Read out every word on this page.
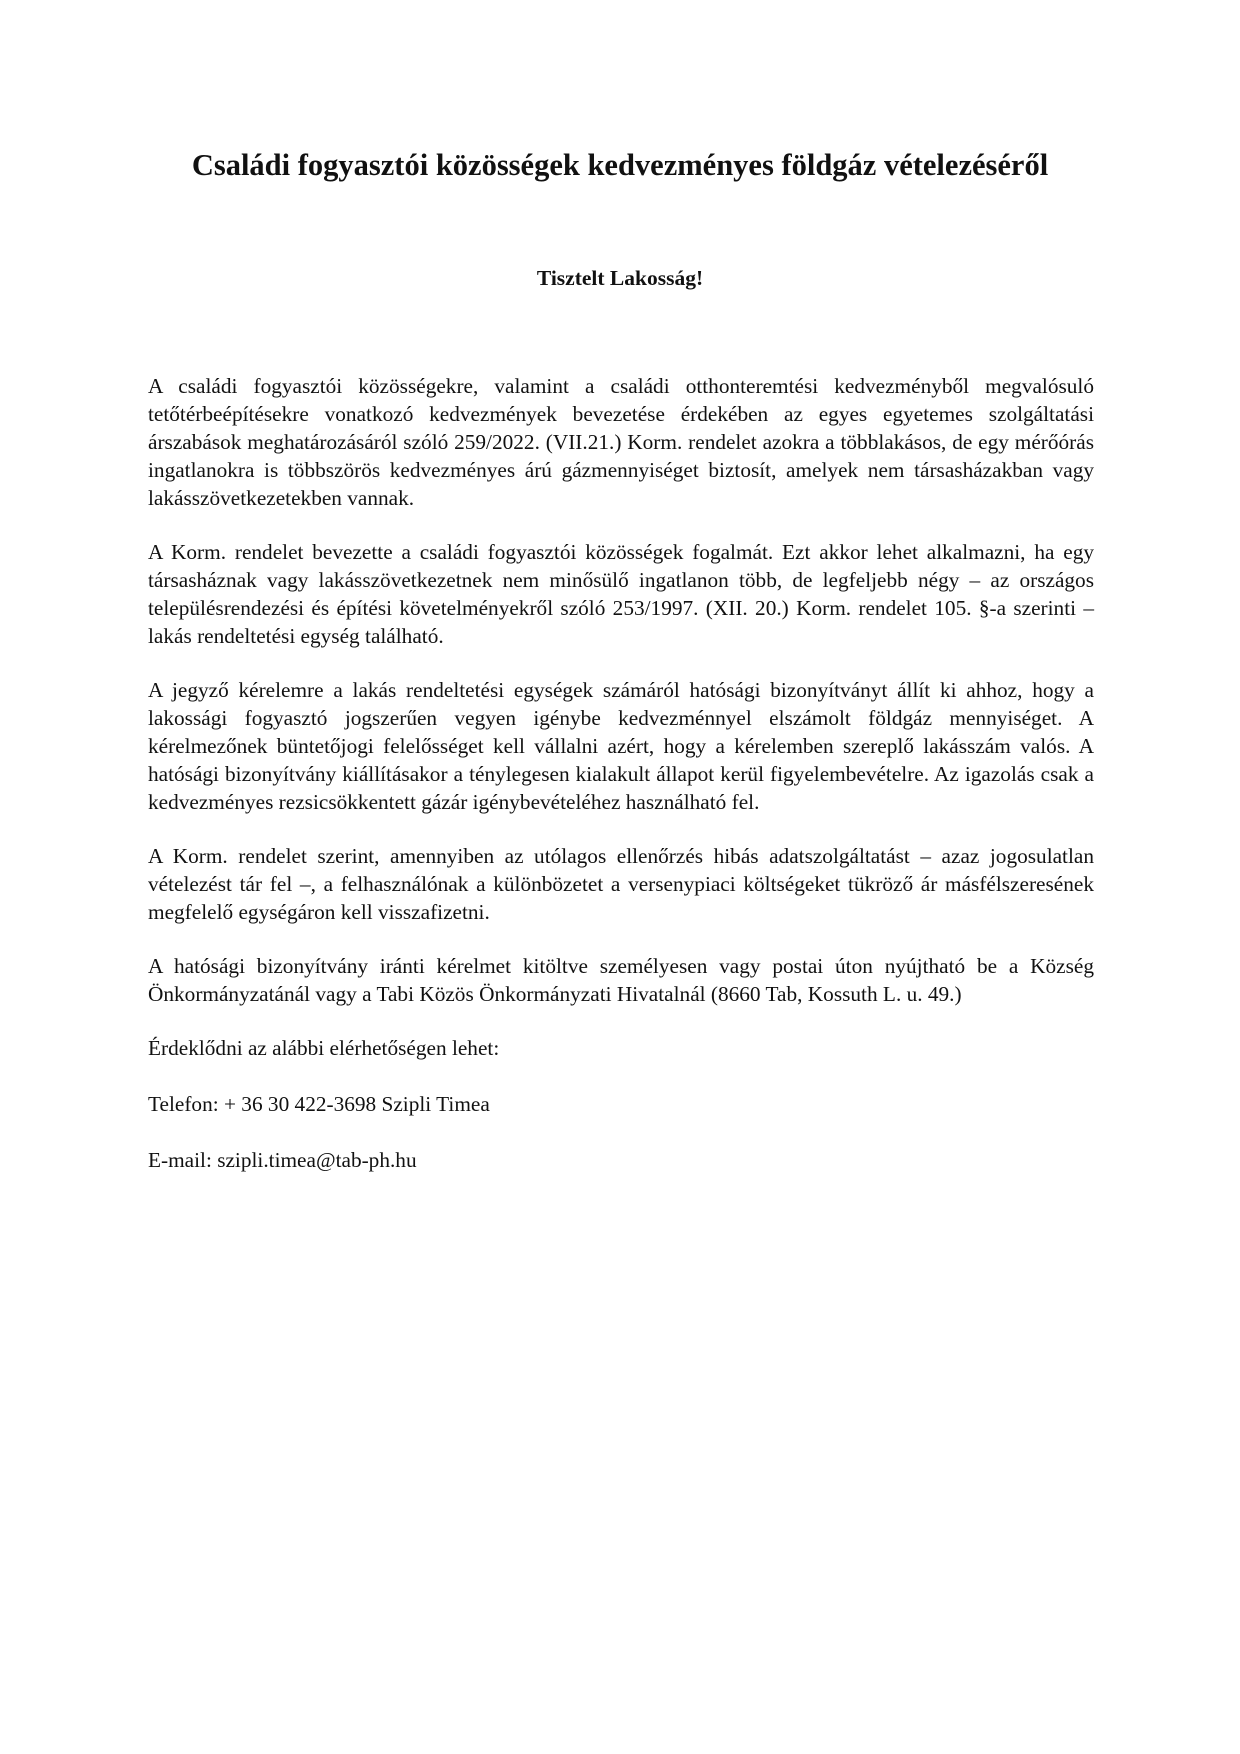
Családi fogyasztói közösségek kedvezményes földgáz vételezéséről
Tisztelt Lakosság!

A családi fogyasztói közösségekre, valamint a családi otthonteremtési kedvezményből megvalósuló tetőtérbeépítésekre vonatkozó kedvezmények bevezetése érdekében az egyes egyetemes szolgáltatási árszabások meghatározásáról szóló 259/2022. (VII.21.) Korm. rendelet azokra a többlakásos, de egy mérőórás ingatlanokra is többszörös kedvezményes árú gázmennyiséget biztosít, amelyek nem társasházakban vagy lakásszövetkezetekben vannak.

A Korm. rendelet bevezette a családi fogyasztói közösségek fogalmát. Ezt akkor lehet alkalmazni, ha egy társasháznak vagy lakásszövetkezetnek nem minősülő ingatlanon több, de legfeljebb négy – az országos településrendezési és építési követelményekről szóló 253/1997. (XII. 20.) Korm. rendelet 105. §-a szerinti – lakás rendeltetési egység található.

A jegyző kérelemre a lakás rendeltetési egységek számáról hatósági bizonyítványt állít ki ahhoz, hogy a lakossági fogyasztó jogszerűen vegyen igénybe kedvezménnyel elszámolt földgáz mennyiséget. A kérelmezőnek büntetőjogi felelősséget kell vállalni azért, hogy a kérelemben szereplő lakásszám valós. A hatósági bizonyítvány kiállításakor a ténylegesen kialakult állapot kerül figyelembevételre. Az igazolás csak a kedvezményes rezsicsökkentett gázár igénybevételéhez használható fel.

A Korm. rendelet szerint, amennyiben az utólagos ellenőrzés hibás adatszolgáltatást – azaz jogosulatlan vételezést tár fel –, a felhasználónak a különbözetet a versenypiaci költségeket tükröző ár másfélszeresének megfelelő egységáron kell visszafizetni.

A hatósági bizonyítvány iránti kérelmet kitöltve személyesen vagy postai úton nyújtható be a Község Önkormányzatánál vagy a Tabi Közös Önkormányzati Hivatalnál (8660 Tab, Kossuth L. u. 49.)

Érdeklődni az alábbi elérhetőségen lehet:

Telefon: + 36 30 422-3698 Szipli Timea

E-mail: szipli.timea@tab-ph.hu
